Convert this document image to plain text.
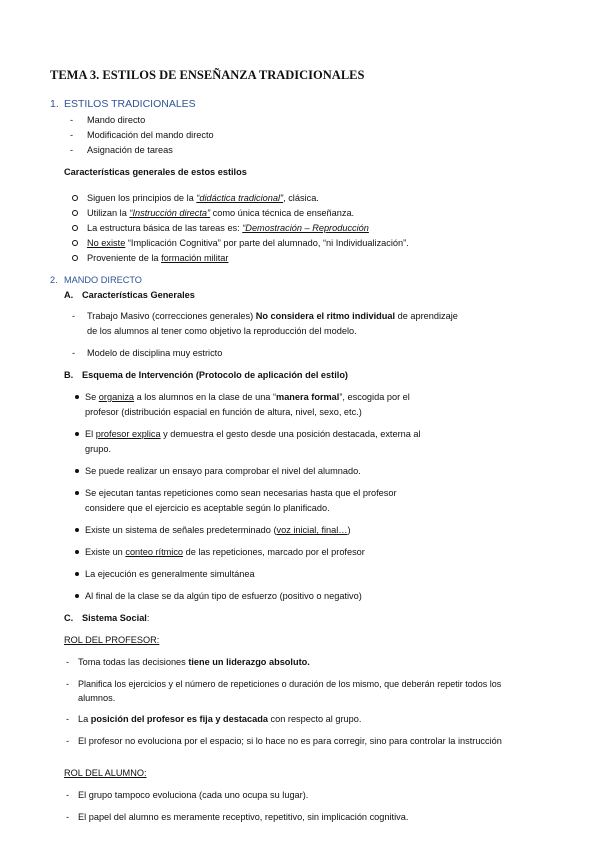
TEMA 3. ESTILOS DE ENSEÑANZA TRADICIONALES
1. ESTILOS TRADICIONALES
- Mando directo
- Modificación del mando directo
- Asignación de tareas
Características generales de estos estilos
Siguen los principios de la “didáctica tradicional”, clásica.
Utilizan la “Instrucción directa” como única técnica de enseñanza.
La estructura básica de las tareas es: “Demostración – Reproducción
No existe “Implicación Cognitiva” por parte del alumnado, “ni Individualización”.
Proveniente de la formación militar
2. MANDO DIRECTO
A. Características Generales
- Trabajo Masivo (correcciones generales) No considera el ritmo individual de aprendizaje
de los alumnos al tener como objetivo la reproducción del modelo.
- Modelo de disciplina muy estricto
B. Esquema de Intervención (Protocolo de aplicación del estilo)
Se organiza a los alumnos en la clase de una “manera formal”, escogida por el
profesor (distribución espacial en función de altura, nivel, sexo, etc.)
El profesor explica y demuestra el gesto desde una posición destacada, externa al
grupo.
Se puede realizar un ensayo para comprobar el nivel del alumnado.
Se ejecutan tantas repeticiones como sean necesarias hasta que el profesor
considere que el ejercicio es aceptable según lo planificado.
Existe un sistema de señales predeterminado (voz inicial, final…)
Existe un conteo rítmico de las repeticiones, marcado por el profesor
La ejecución es generalmente simultánea
Al final de la clase se da algún tipo de esfuerzo (positivo o negativo)
C. Sistema Social:
ROL DEL PROFESOR:
- Toma todas las decisiones tiene un liderazgo absoluto.
- Planifica los ejercicios y el número de repeticiones o duración de los mismo, que deberán repetir todos los
alumnos.
- La posición del profesor es fija y destacada con respecto al grupo.
- El profesor no evoluciona por el espacio; si lo hace no es para corregir, sino para controlar la instrucción
ROL DEL ALUMNO:
- El grupo tampoco evoluciona (cada uno ocupa su lugar).
- El papel del alumno es meramente receptivo, repetitivo, sin implicación cognitiva.
